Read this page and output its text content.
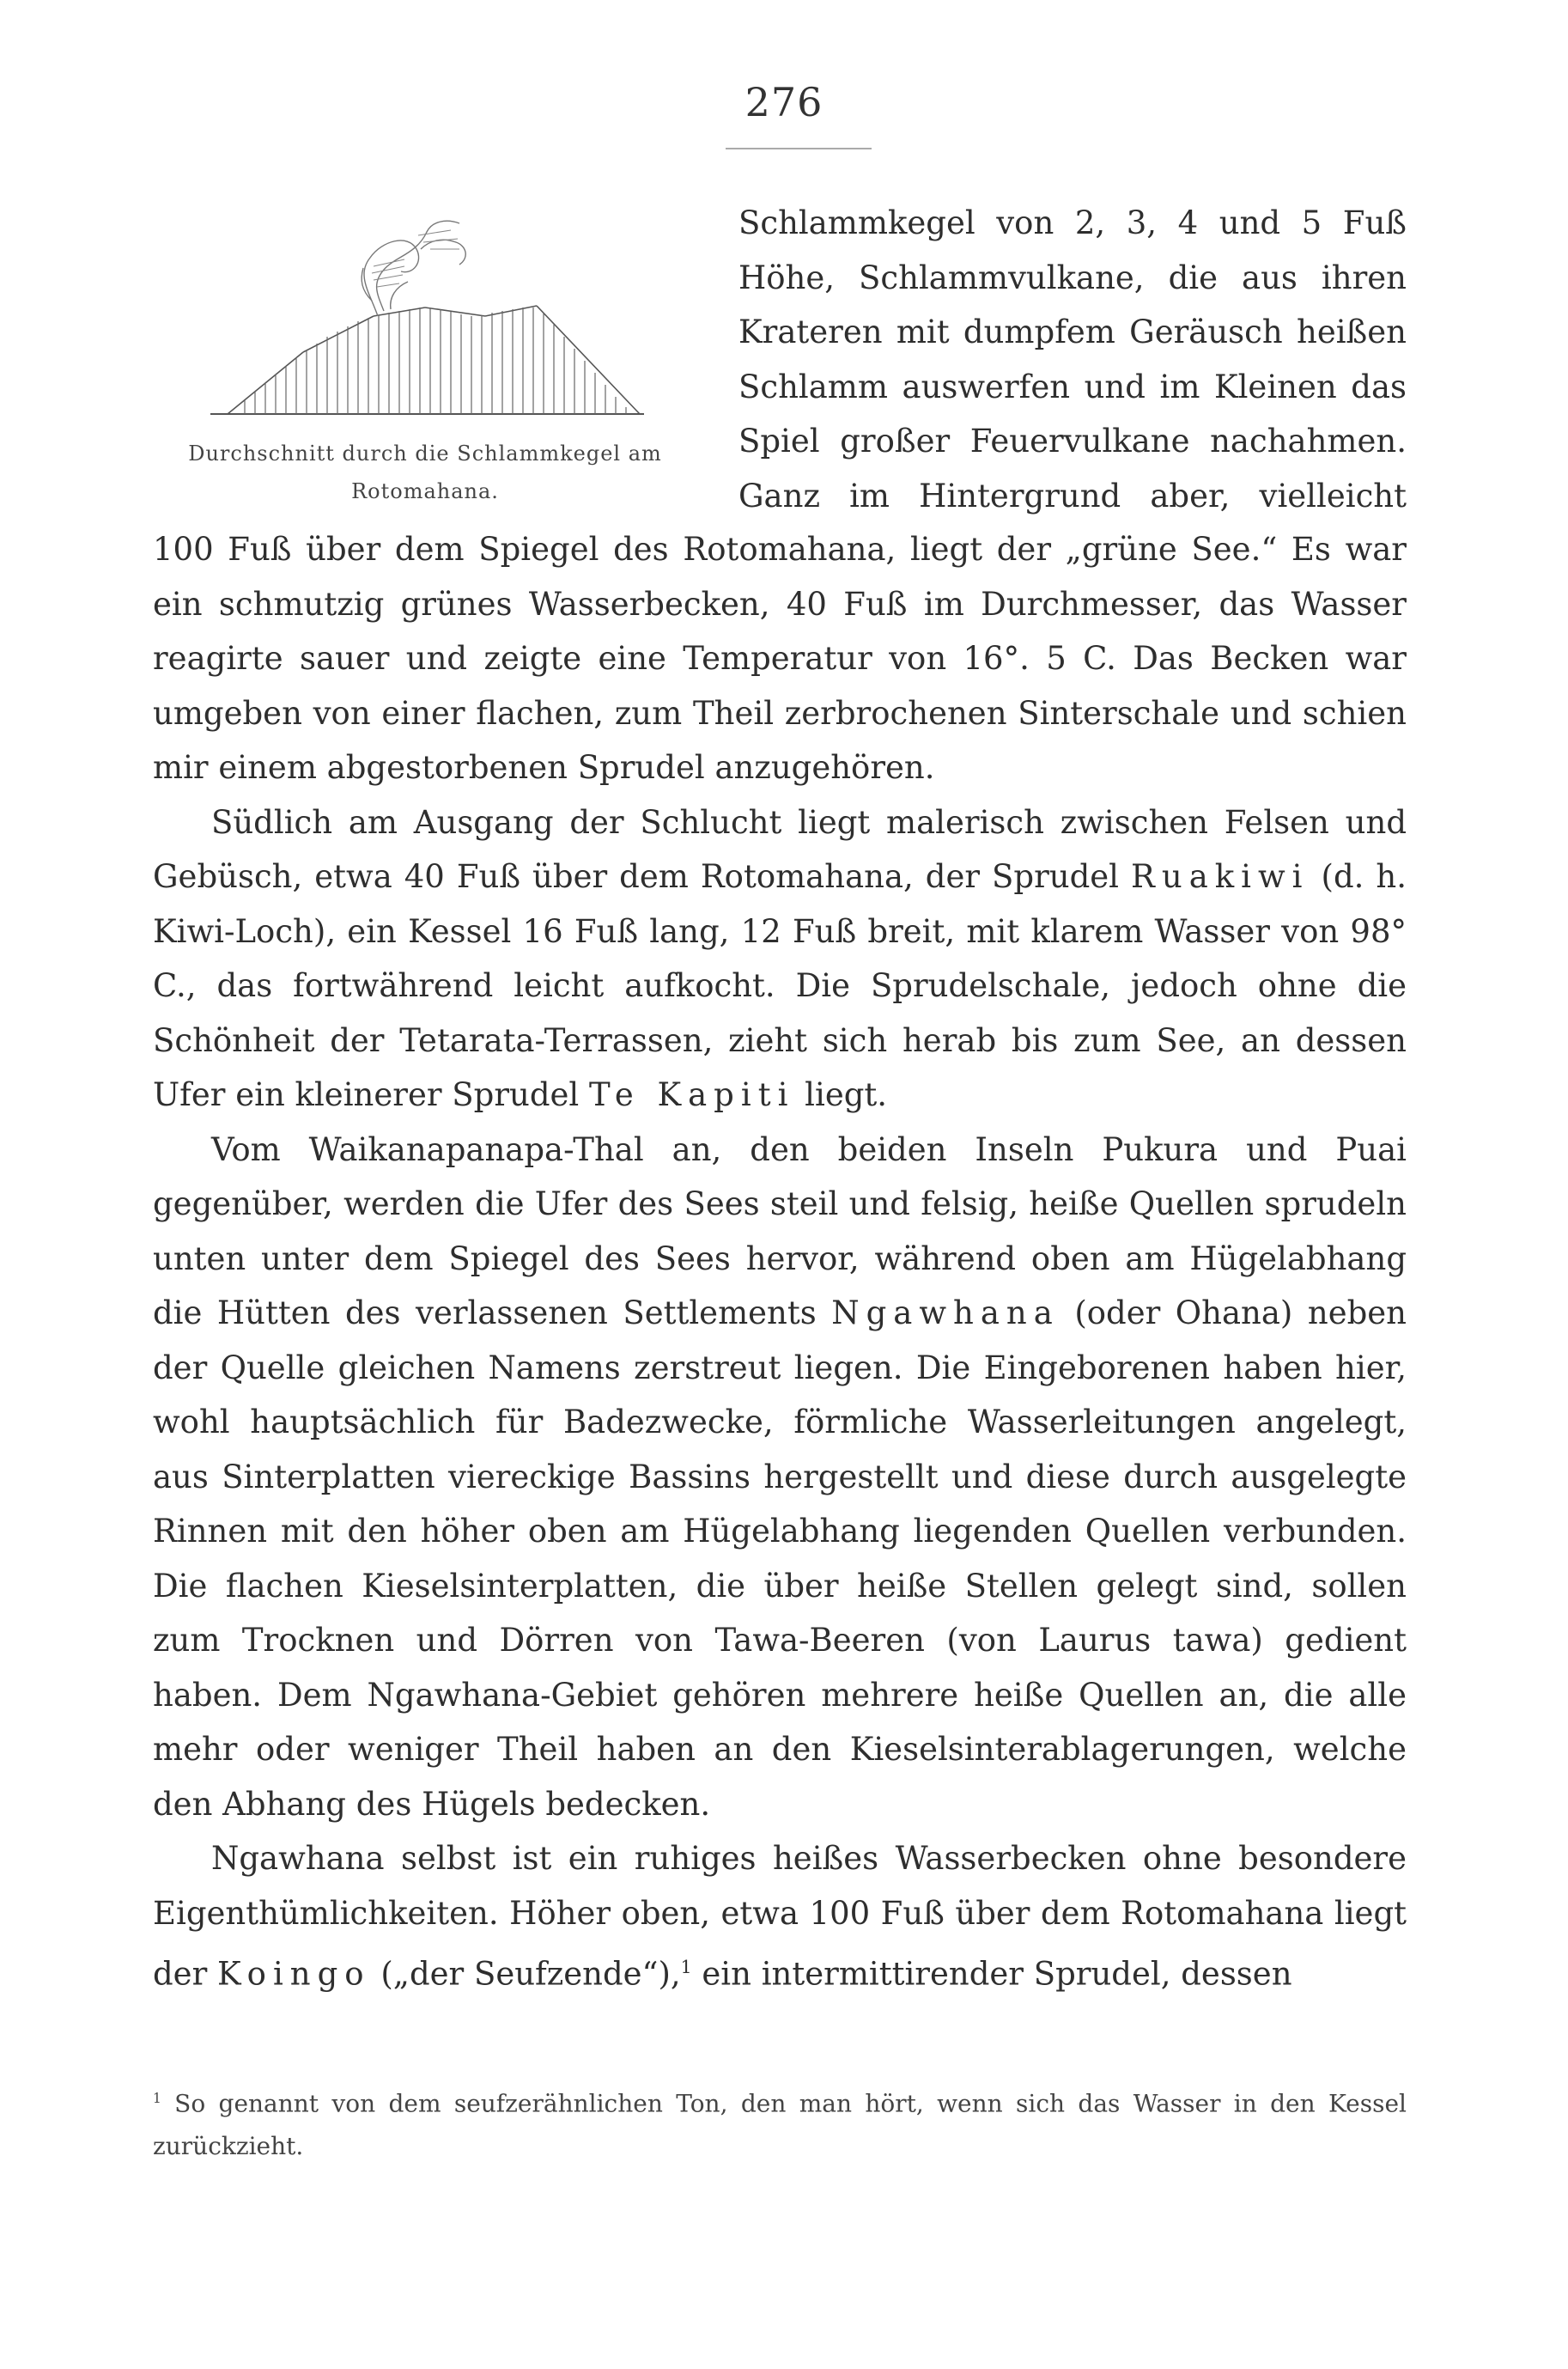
276
Durchschnitt durch die Schlammkegel am
Rotomahana.
Schlammkegel von 2, 3, 4 und 5 Fuß
Höhe, Schlammvulkane, die aus ihren
Krateren mit dumpfem Geräusch heißen
Schlamm auswerfen und im Kleinen das
Spiel großer Feuervulkane nachahmen.
Ganz im Hintergrund aber, vielleicht

100 Fuß über dem Spiegel des Rotomahana, liegt der „grüne See.“ Es war ein schmutzig grünes Wasserbecken, 40 Fuß im Durchmesser, das Wasser reagirte sauer und zeigte eine Temperatur von 16°. 5 C. Das Becken war umgeben von einer flachen, zum Theil zerbrochenen Sinterschale und schien mir einem abgestorbenen Sprudel anzugehören.

Südlich am Ausgang der Schlucht liegt malerisch zwischen Felsen und Gebüsch, etwa 40 Fuß über dem Rotomahana, der Sprudel Ruakiwi (d. h. Kiwi-Loch), ein Kessel 16 Fuß lang, 12 Fuß breit, mit klarem Wasser von 98° C., das fortwährend leicht aufkocht. Die Sprudelschale, jedoch ohne die Schönheit der Tetarata-Terrassen, zieht sich herab bis zum See, an dessen Ufer ein kleinerer Sprudel Te Kapiti liegt.

Vom Waikanapanapa-Thal an, den beiden Inseln Pukura und Puai gegenüber, werden die Ufer des Sees steil und felsig, heiße Quellen sprudeln unten unter dem Spiegel des Sees hervor, während oben am Hügelabhang die Hütten des verlassenen Settlements Ngawhana (oder Ohana) neben der Quelle gleichen Namens zerstreut liegen. Die Eingeborenen haben hier, wohl hauptsächlich für Badezwecke, förmliche Wasserleitungen angelegt, aus Sinterplatten viereckige Bassins hergestellt und diese durch ausgelegte Rinnen mit den höher oben am Hügelabhang liegenden Quellen verbunden. Die flachen Kieselsinterplatten, die über heiße Stellen gelegt sind, sollen zum Trocknen und Dörren von Tawa-Beeren (von Laurus tawa) gedient haben. Dem Ngawhana-Gebiet gehören mehrere heiße Quellen an, die alle mehr oder weniger Theil haben an den Kieselsinterablagerungen, welche den Abhang des Hügels bedecken.

Ngawhana selbst ist ein ruhiges heißes Wasserbecken ohne besondere Eigenthümlichkeiten. Höher oben, etwa 100 Fuß über dem Rotomahana liegt der Koingo („der Seufzende“),$^1$ ein intermittirender Sprudel, dessen

$^1$ So genannt von dem seufzerähnlichen Ton, den man hört, wenn sich das Wasser in den Kessel zurückzieht.
